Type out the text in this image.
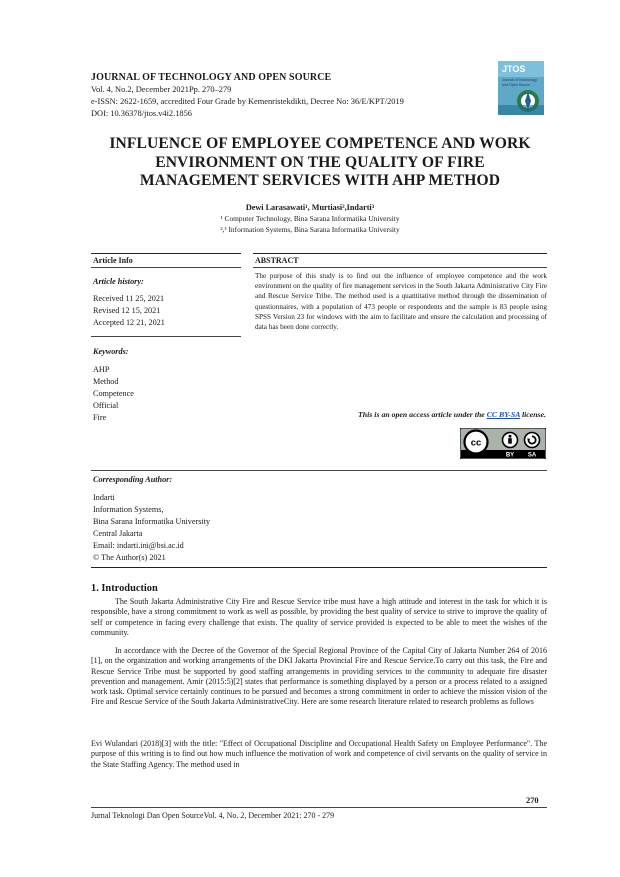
JOURNAL OF TECHNOLOGY AND OPEN SOURCE
Vol. 4, No.2, December 2021Pp. 270–279
e-ISSN: 2622-1659, accredited Four Grade by Kemenristekdikti, Decree No: 36/E/KPT/2019
DOI: 10.36378/jtos.v4i2.1856
JTOS
Journal of Technology
and Open Source
INFLUENCE OF EMPLOYEE COMPETENCE AND WORK
ENVIRONMENT ON THE QUALITY OF FIRE
MANAGEMENT SERVICES WITH AHP METHOD
Dewi Larasawati¹, Murtiasi²,Indarti³
¹ Computer Technology, Bina Sarana Informatika University
²,³ Information Systems, Bina Sarana Informatika University
Article Info
Article history:
Received 11 25, 2021
Revised 12 15, 2021
Accepted 12 21, 2021
Keywords:
AHP
Method
Competence
Official
Fire
ABSTRACT
The purpose of this study is to find out the influence of employee competence and the work environment on the quality of fire management services in the South Jakarta Administrative City Fire and Rescue Service Tribe. The method used is a quantitative method through the dissemination of questionnaires, with a population of 473 people or respondents and the sample is 83 people using SPSS Version 23 for windows with the aim to facilitate and ensure the calculation and processing of data has been done correctly.
This is an open access article under the CC BY-SA license.
cc
BY SA
Corresponding Author:
Indarti
Information Systems,
Bina Sarana Informatika University
Central Jakarta
Email: indarti.ini@bsi.ac.id
© The Author(s) 2021
1. Introduction
The South Jakarta Administrative City Fire and Rescue Service tribe must have a high attitude and interest in the task for which it is responsible, have a strong commitment to work as well as possible, by providing the best quality of service to strive to improve the quality of self or competence in facing every challenge that exists. The quality of service provided is expected to be able to meet the wishes of the community.
In accordance with the Decree of the Governor of the Special Regional Province of the Capital City of Jakarta Number 264 of 2016 [1], on the organization and working arrangements of the DKI Jakarta Provincial Fire and Rescue Service.To carry out this task, the Fire and Rescue Service Tribe must be supported by good staffing arrangements in providing services to the community to adequate fire disaster prevention and management. Amir (2015:5)[2] states that performance is something displayed by a person or a process related to a assigned work task. Optimal service certainly continues to be pursued and becomes a strong commitment in order to achieve the mission vision of the Fire and Rescue Service of the South Jakarta AdministrativeCity. Here are some research literature related to research problems as follows
Evi Wulandari (2018)[3] with the title: "Effect of Occupational Discipline and Occupational Health Safety on Employee Performance". The purpose of this writing is to find out how much influence the motivation of work and competence of civil servants on the quality of service in the State Staffing Agency. The method used in
270
Jurnal Teknologi Dan Open SourceVol. 4, No. 2, December 2021: 270 - 279
